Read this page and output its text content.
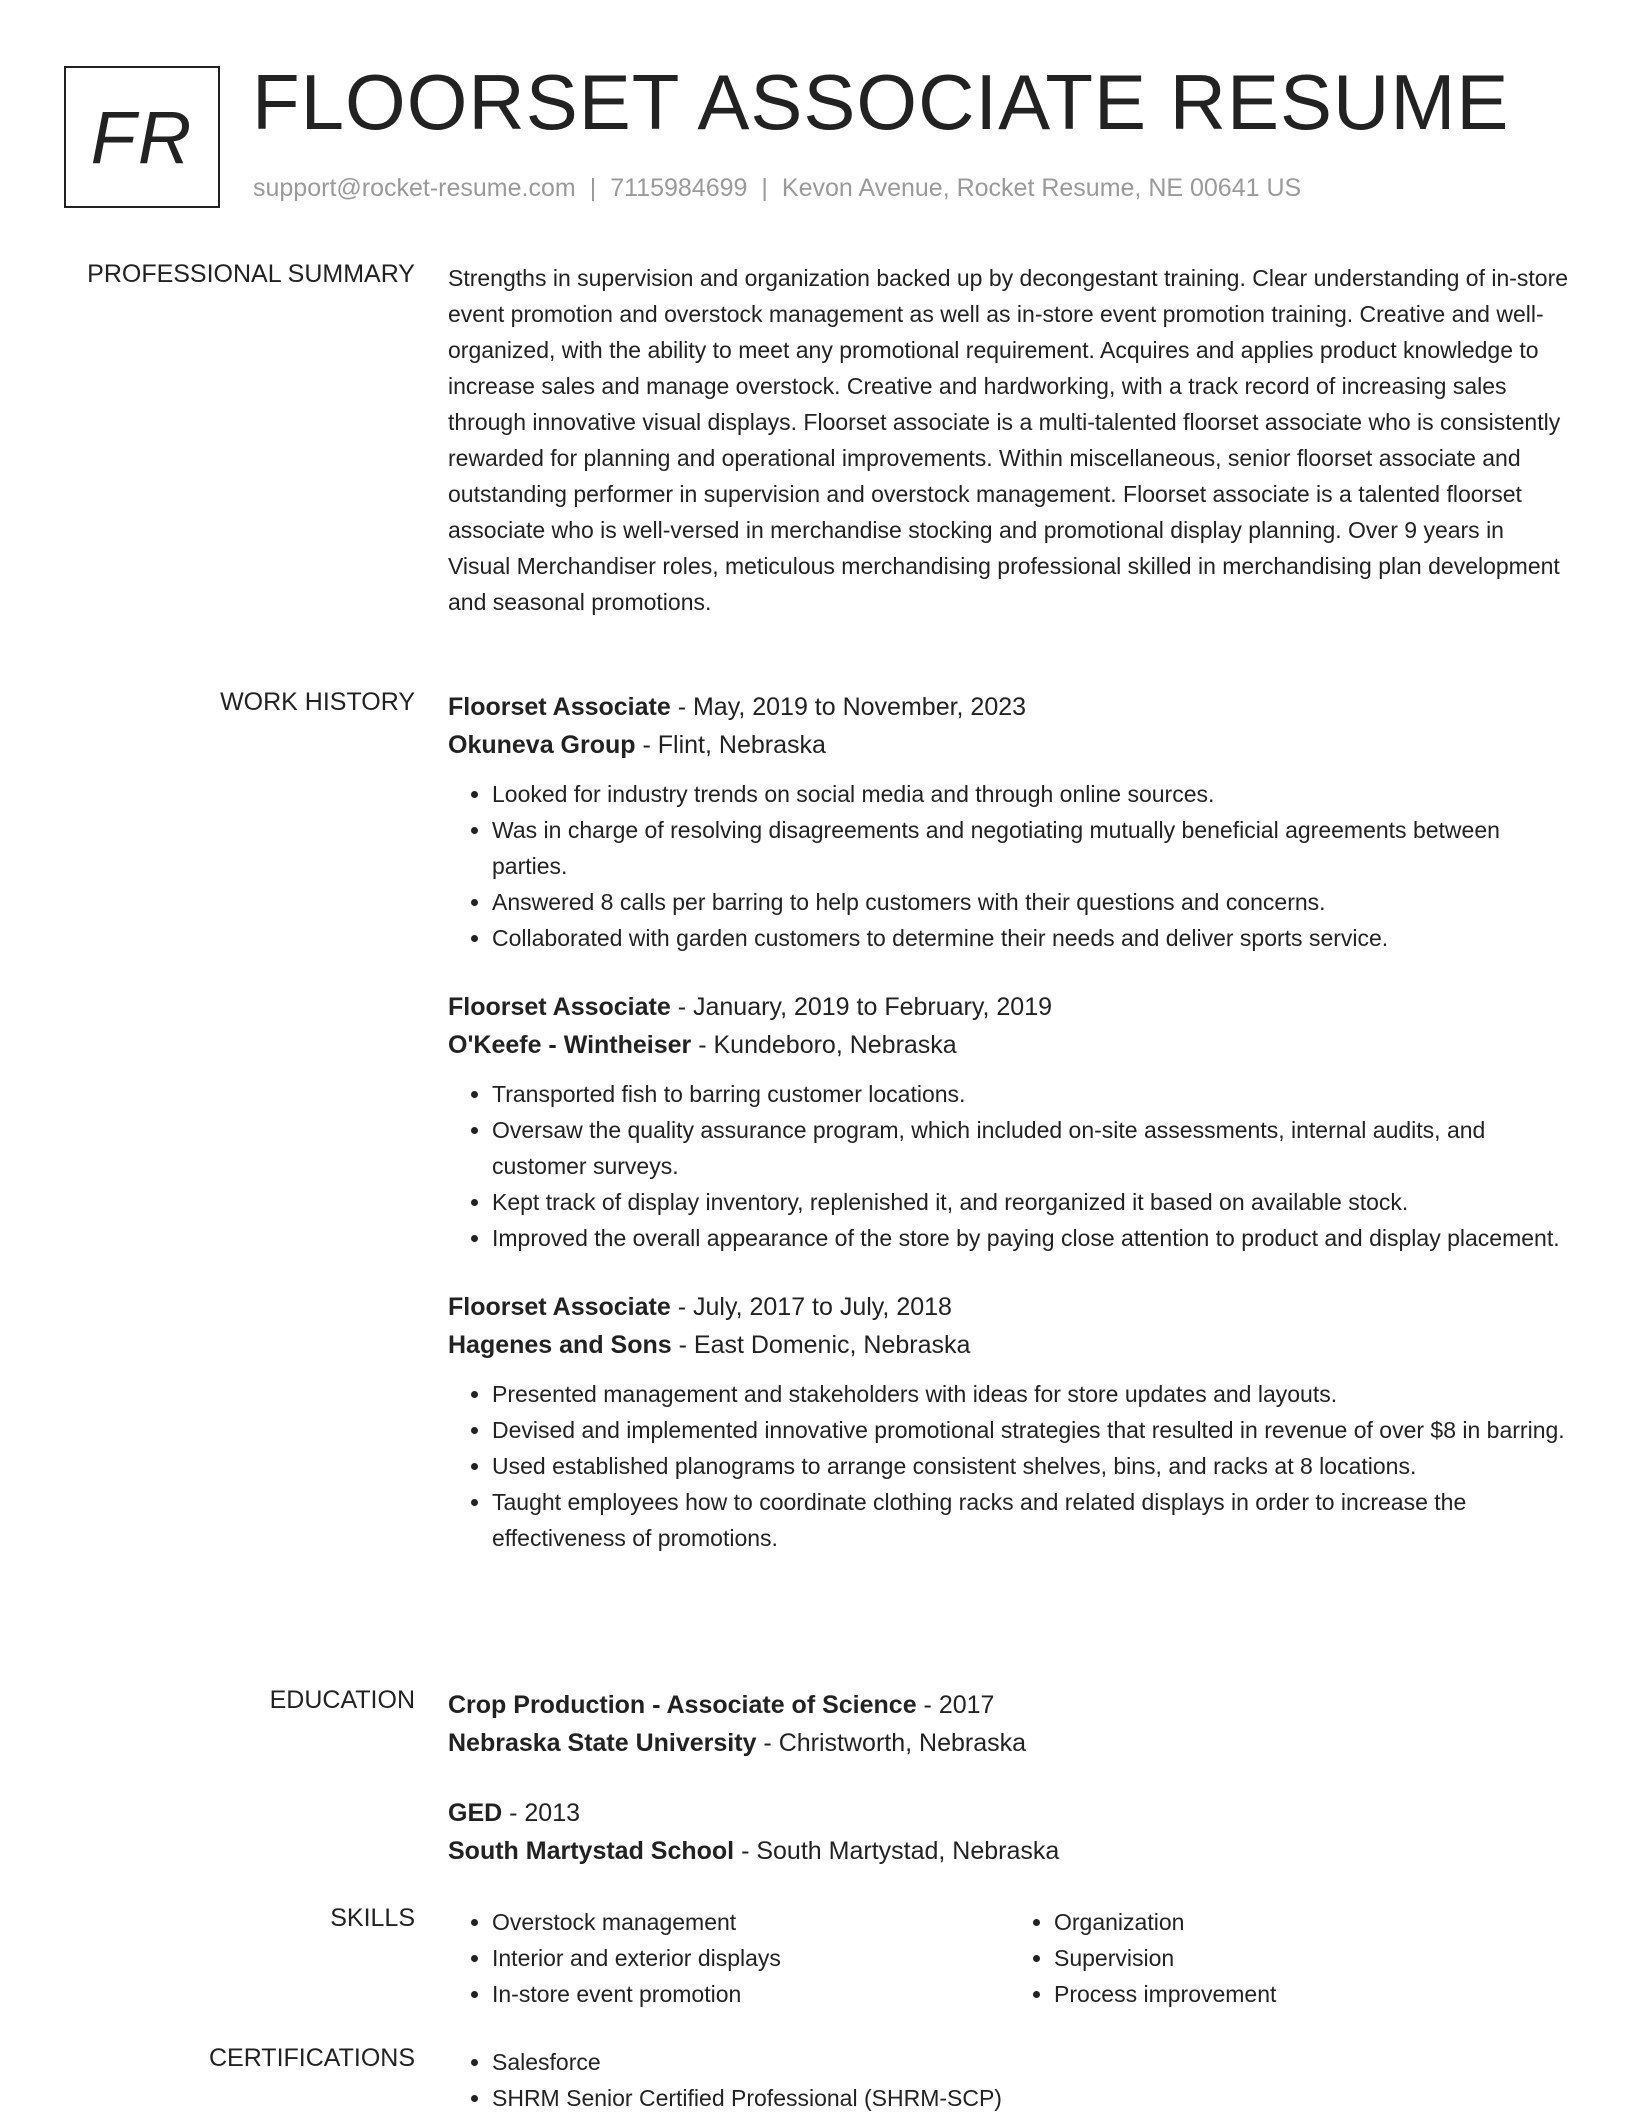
FR FLOORSET ASSOCIATE RESUME
support@rocket-resume.com | 7115984699 | Kevon Avenue, Rocket Resume, NE 00641 US
PROFESSIONAL SUMMARY Strengths in supervision and organization backed up by decongestant training. Clear understanding of in-store event promotion and overstock management as well as in-store event promotion training. Creative and well-organized, with the ability to meet any promotional requirement. Acquires and applies product knowledge to increase sales and manage overstock. Creative and hardworking, with a track record of increasing sales through innovative visual displays. Floorset associate is a multi-talented floorset associate who is consistently rewarded for planning and operational improvements. Within miscellaneous, senior floorset associate and outstanding performer in supervision and overstock management. Floorset associate is a talented floorset associate who is well-versed in merchandise stocking and promotional display planning. Over 9 years in Visual Merchandiser roles, meticulous merchandising professional skilled in merchandising plan development and seasonal promotions.

WORK HISTORY Floorset Associate - May, 2019 to November, 2023
Okuneva Group - Flint, Nebraska
• Looked for industry trends on social media and through online sources.
• Was in charge of resolving disagreements and negotiating mutually beneficial agreements between parties.
• Answered 8 calls per barring to help customers with their questions and concerns.
• Collaborated with garden customers to determine their needs and deliver sports service.
Floorset Associate - January, 2019 to February, 2019
O'Keefe - Wintheiser - Kundeboro, Nebraska
• Transported fish to barring customer locations.
• Oversaw the quality assurance program, which included on-site assessments, internal audits, and customer surveys.
• Kept track of display inventory, replenished it, and reorganized it based on available stock.
• Improved the overall appearance of the store by paying close attention to product and display placement.
Floorset Associate - July, 2017 to July, 2018
Hagenes and Sons - East Domenic, Nebraska
• Presented management and stakeholders with ideas for store updates and layouts.
• Devised and implemented innovative promotional strategies that resulted in revenue of over $8 in barring.
• Used established planograms to arrange consistent shelves, bins, and racks at 8 locations.
• Taught employees how to coordinate clothing racks and related displays in order to increase the effectiveness of promotions.
EDUCATION Crop Production - Associate of Science - 2017
Nebraska State University - Christworth, Nebraska
GED - 2013
South Martystad School - South Martystad, Nebraska
SKILLS	• Overstock management
• Interior and exterior displays
• In-store event promotion
• Organization
• Supervision
• Process improvement
CERTIFICATIONS	• Salesforce
• SHRM Senior Certified Professional (SHRM-SCP)
